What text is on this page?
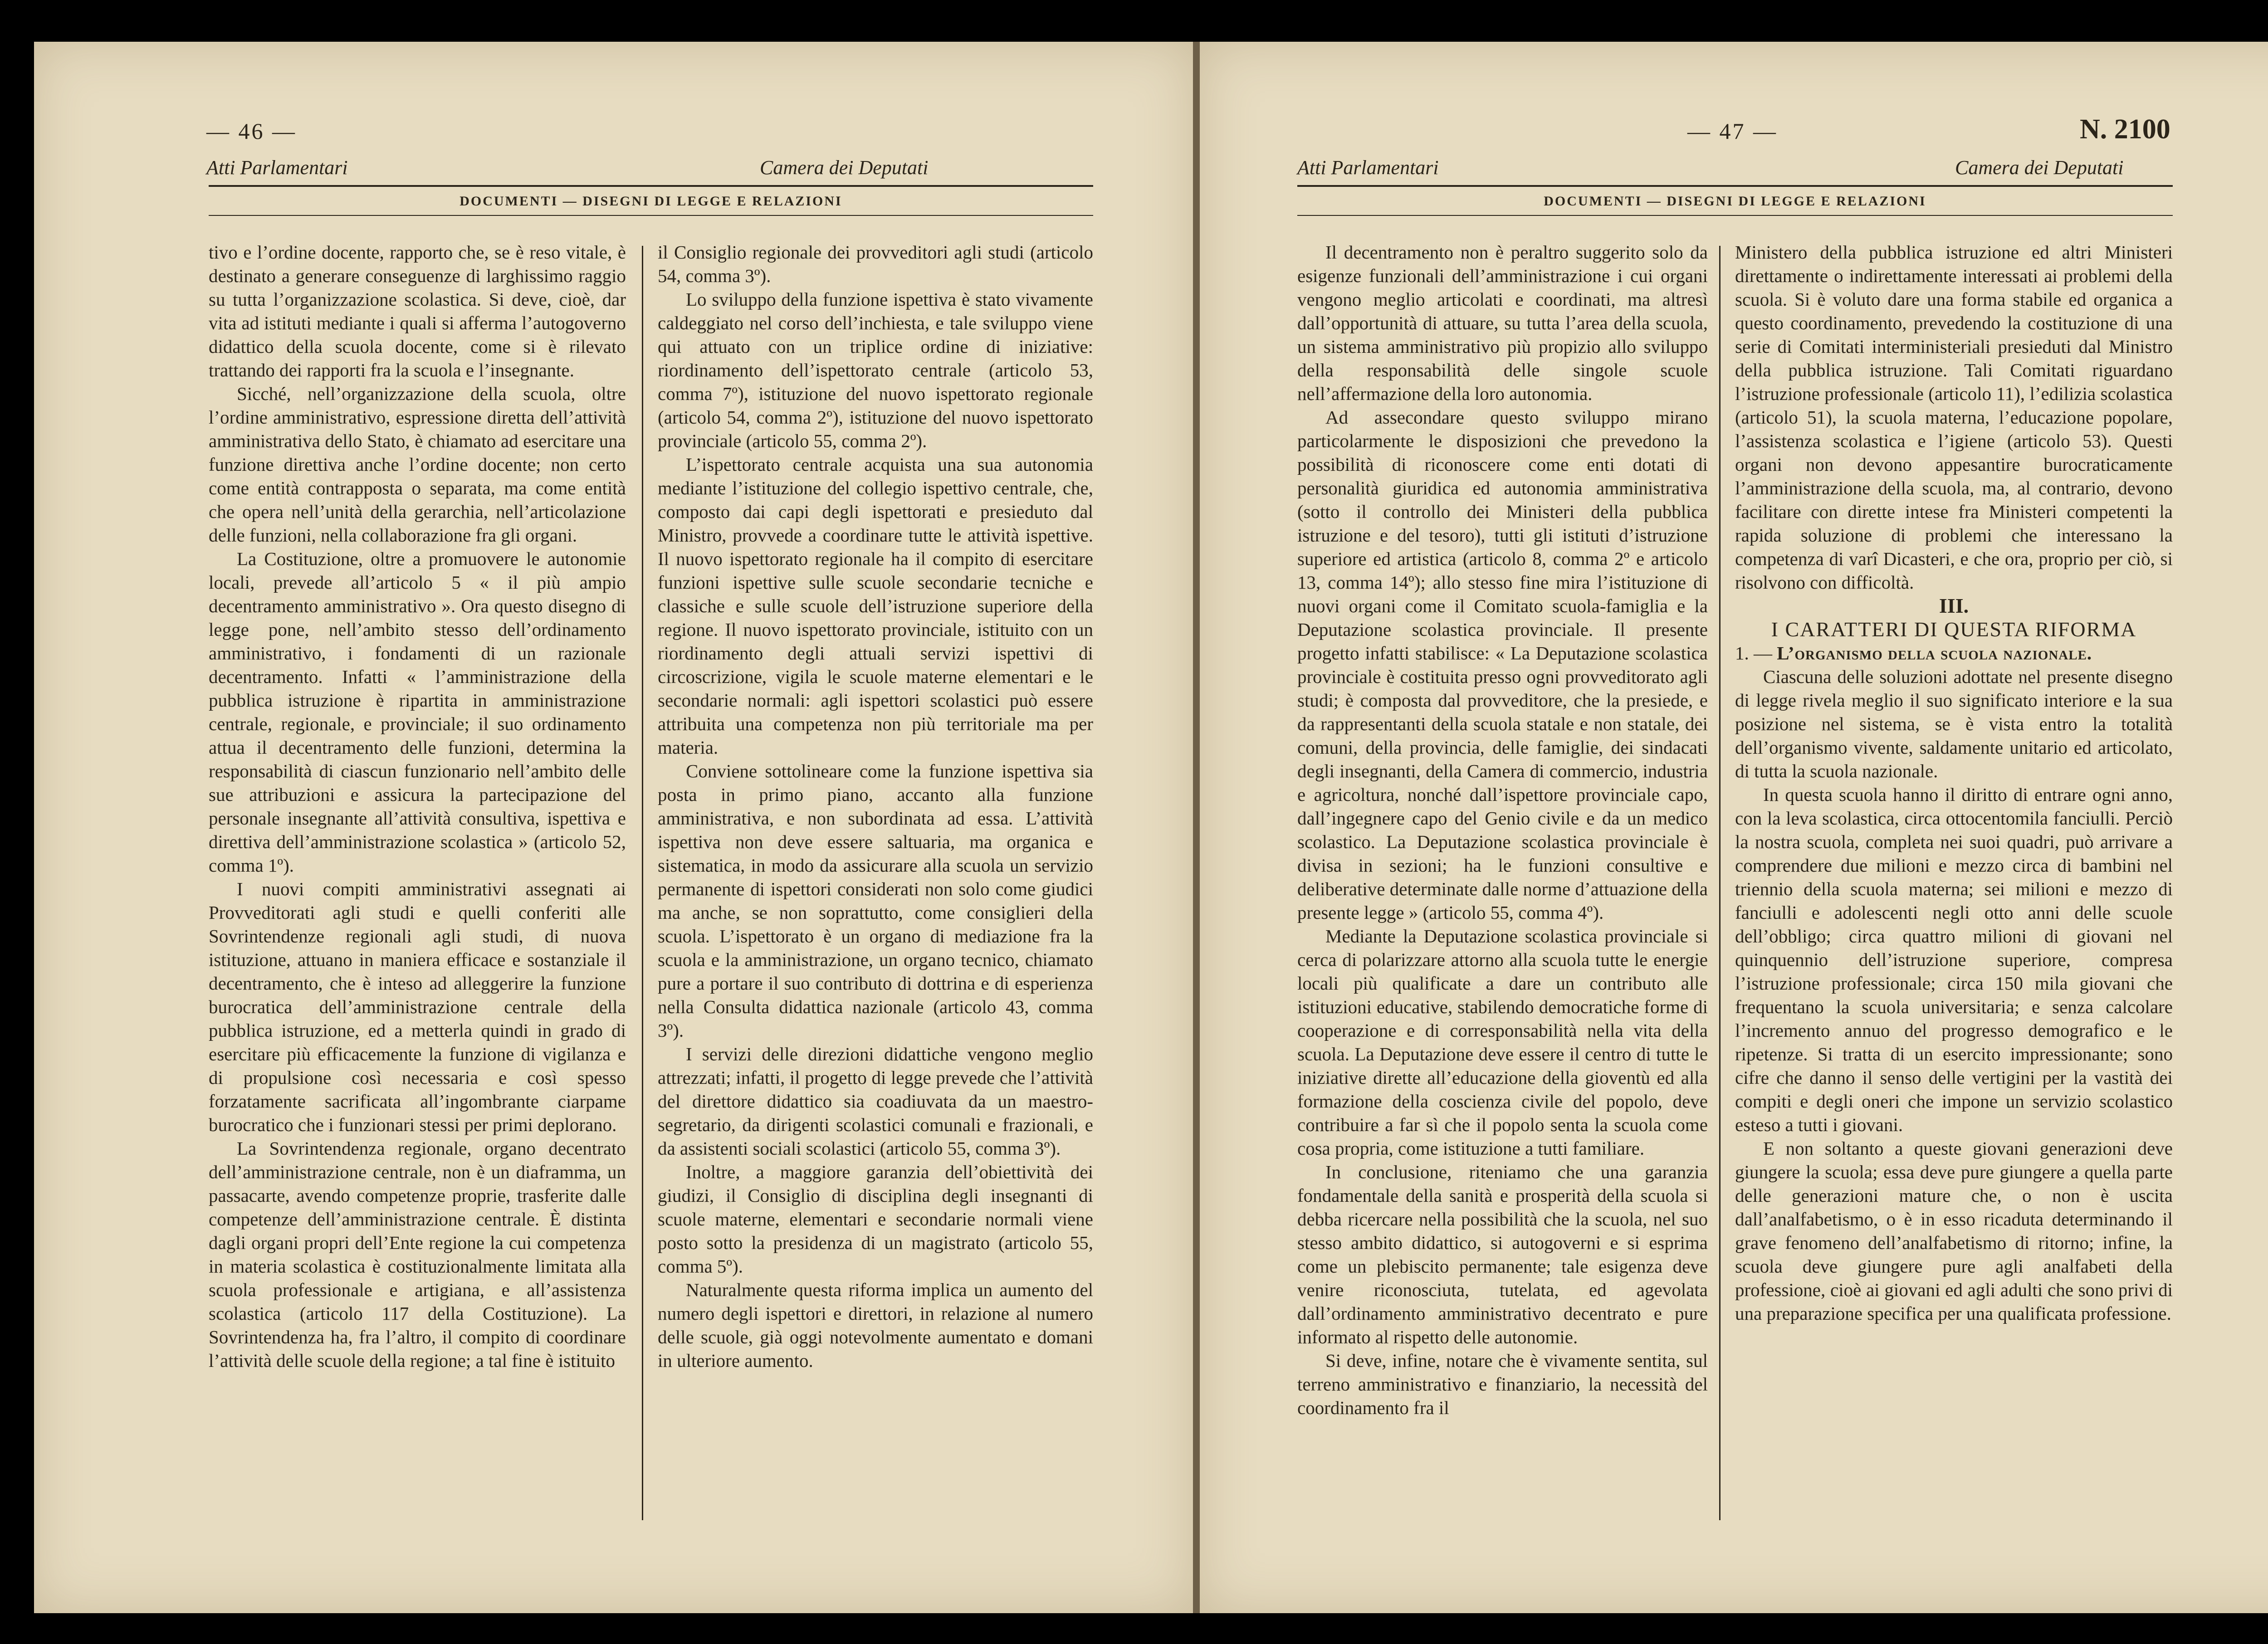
— 46 —
Atti Parlamentari	Camera dei Deputati
DOCUMENTI — DISEGNI DI LEGGE E RELAZIONI

tivo e l’ordine docente, rapporto che, se è reso vitale, è destinato a generare conseguenze di larghissimo raggio su tutta l’organizzazione scolastica. Si deve, cioè, dar vita ad istituti mediante i quali si afferma l’autogoverno didattico della scuola docente, come si è rilevato trattando dei rapporti fra la scuola e l’insegnante.

Sicché, nell’organizzazione della scuola, oltre l’ordine amministrativo, espressione diretta dell’attività amministrativa dello Stato, è chiamato ad esercitare una funzione direttiva anche l’ordine docente; non certo come entità contrapposta o separata, ma come entità che opera nell’unità della gerarchia, nell’articolazione delle funzioni, nella collaborazione fra gli organi.

La Costituzione, oltre a promuovere le autonomie locali, prevede all’articolo 5 « il più ampio decentramento amministrativo ». Ora questo disegno di legge pone, nell’ambito stesso dell’ordinamento amministrativo, i fondamenti di un razionale decentramento. Infatti « l’amministrazione della pubblica istruzione è ripartita in amministrazione centrale, regionale, e provinciale; il suo ordinamento attua il decentramento delle funzioni, determina la responsabilità di ciascun funzionario nell’ambito delle sue attribuzioni e assicura la partecipazione del personale insegnante all’attività consultiva, ispettiva e direttiva dell’amministrazione scolastica » (articolo 52, comma 1º).

I nuovi compiti amministrativi assegnati ai Provveditorati agli studi e quelli conferiti alle Sovrintendenze regionali agli studi, di nuova istituzione, attuano in maniera efficace e sostanziale il decentramento, che è inteso ad alleggerire la funzione burocratica dell’amministrazione centrale della pubblica istruzione, ed a metterla quindi in grado di esercitare più efficacemente la funzione di vigilanza e di propulsione così necessaria e così spesso forzatamente sacrificata all’ingombrante ciarpame burocratico che i funzionari stessi per primi deplorano.

La Sovrintendenza regionale, organo decentrato dell’amministrazione centrale, non è un diaframma, un passacarte, avendo competenze proprie, trasferite dalle competenze dell’amministrazione centrale. È distinta dagli organi propri dell’Ente regione la cui competenza in materia scolastica è costituzionalmente limitata alla scuola professionale e artigiana, e all’assistenza scolastica (articolo 117 della Costituzione). La Sovrintendenza ha, fra l’altro, il compito di coordinare l’attività delle scuole della regione; a tal fine è istituito

il Consiglio regionale dei provveditori agli studi (articolo 54, comma 3º).

Lo sviluppo della funzione ispettiva è stato vivamente caldeggiato nel corso dell’inchiesta, e tale sviluppo viene qui attuato con un triplice ordine di iniziative: riordinamento dell’ispettorato centrale (articolo 53, comma 7º), istituzione del nuovo ispettorato regionale (articolo 54, comma 2º), istituzione del nuovo ispettorato provinciale (articolo 55, comma 2º).

L’ispettorato centrale acquista una sua autonomia mediante l’istituzione del collegio ispettivo centrale, che, composto dai capi degli ispettorati e presieduto dal Ministro, provvede a coordinare tutte le attività ispettive. Il nuovo ispettorato regionale ha il compito di esercitare funzioni ispettive sulle scuole secondarie tecniche e classiche e sulle scuole dell’istruzione superiore della regione. Il nuovo ispettorato provinciale, istituito con un riordinamento degli attuali servizi ispettivi di circoscrizione, vigila le scuole materne elementari e le secondarie normali: agli ispettori scolastici può essere attribuita una competenza non più territoriale ma per materia.

Conviene sottolineare come la funzione ispettiva sia posta in primo piano, accanto alla funzione amministrativa, e non subordinata ad essa. L’attività ispettiva non deve essere saltuaria, ma organica e sistematica, in modo da assicurare alla scuola un servizio permanente di ispettori considerati non solo come giudici ma anche, se non soprattutto, come consiglieri della scuola. L’ispettorato è un organo di mediazione fra la scuola e la amministrazione, un organo tecnico, chiamato pure a portare il suo contributo di dottrina e di esperienza nella Consulta didattica nazionale (articolo 43, comma 3º).

I servizi delle direzioni didattiche vengono meglio attrezzati; infatti, il progetto di legge prevede che l’attività del direttore didattico sia coadiuvata da un maestro-segretario, da dirigenti scolastici comunali e frazionali, e da assistenti sociali scolastici (articolo 55, comma 3º).

Inoltre, a maggiore garanzia dell’obiettività dei giudizi, il Consiglio di disciplina degli insegnanti di scuole materne, elementari e secondarie normali viene posto sotto la presidenza di un magistrato (articolo 55, comma 5º).

Naturalmente questa riforma implica un aumento del numero degli ispettori e direttori, in relazione al numero delle scuole, già oggi notevolmente aumentato e domani in ulteriore aumento.

— 47 —	N. 2100
Atti Parlamentari	Camera dei Deputati
DOCUMENTI — DISEGNI DI LEGGE E RELAZIONI

Il decentramento non è peraltro suggerito solo da esigenze funzionali dell’amministrazione i cui organi vengono meglio articolati e coordinati, ma altresì dall’opportunità di attuare, su tutta l’area della scuola, un sistema amministrativo più propizio allo sviluppo della responsabilità delle singole scuole nell’affermazione della loro autonomia.

Ad assecondare questo sviluppo mirano particolarmente le disposizioni che prevedono la possibilità di riconoscere come enti dotati di personalità giuridica ed autonomia amministrativa (sotto il controllo dei Ministeri della pubblica istruzione e del tesoro), tutti gli istituti d’istruzione superiore ed artistica (articolo 8, comma 2º e articolo 13, comma 14º); allo stesso fine mira l’istituzione di nuovi organi come il Comitato scuola-famiglia e la Deputazione scolastica provinciale. Il presente progetto infatti stabilisce: « La Deputazione scolastica provinciale è costituita presso ogni provveditorato agli studi; è composta dal provveditore, che la presiede, e da rappresentanti della scuola statale e non statale, dei comuni, della provincia, delle famiglie, dei sindacati degli insegnanti, della Camera di commercio, industria e agricoltura, nonché dall’ispettore provinciale capo, dall’ingegnere capo del Genio civile e da un medico scolastico. La Deputazione scolastica provinciale è divisa in sezioni; ha le funzioni consultive e deliberative determinate dalle norme d’attuazione della presente legge » (articolo 55, comma 4º).

Mediante la Deputazione scolastica provinciale si cerca di polarizzare attorno alla scuola tutte le energie locali più qualificate a dare un contributo alle istituzioni educative, stabilendo democratiche forme di cooperazione e di corresponsabilità nella vita della scuola. La Deputazione deve essere il centro di tutte le iniziative dirette all’educazione della gioventù ed alla formazione della coscienza civile del popolo, deve contribuire a far sì che il popolo senta la scuola come cosa propria, come istituzione a tutti familiare.

In conclusione, riteniamo che una garanzia fondamentale della sanità e prosperità della scuola si debba ricercare nella possibilità che la scuola, nel suo stesso ambito didattico, si autogoverni e si esprima come un plebiscito permanente; tale esigenza deve venire riconosciuta, tutelata, ed agevolata dall’ordinamento amministrativo decentrato e pure informato al rispetto delle autonomie.

Si deve, infine, notare che è vivamente sentita, sul terreno amministrativo e finanziario, la necessità del coordinamento fra il

Ministero della pubblica istruzione ed altri Ministeri direttamente o indirettamente interessati ai problemi della scuola. Si è voluto dare una forma stabile ed organica a questo coordinamento, prevedendo la costituzione di una serie di Comitati interministeriali presieduti dal Ministro della pubblica istruzione. Tali Comitati riguardano l’istruzione professionale (articolo 11), l’edilizia scolastica (articolo 51), la scuola materna, l’educazione popolare, l’assistenza scolastica e l’igiene (articolo 53). Questi organi non devono appesantire burocraticamente l’amministrazione della scuola, ma, al contrario, devono facilitare con dirette intese fra Ministeri competenti la rapida soluzione di problemi che interessano la competenza di varî Dicasteri, e che ora, proprio per ciò, si risolvono con difficoltà.

III.

I CARATTERI DI QUESTA RIFORMA

1. — L’organismo della scuola nazionale.

Ciascuna delle soluzioni adottate nel presente disegno di legge rivela meglio il suo significato interiore e la sua posizione nel sistema, se è vista entro la totalità dell’organismo vivente, saldamente unitario ed articolato, di tutta la scuola nazionale.

In questa scuola hanno il diritto di entrare ogni anno, con la leva scolastica, circa ottocentomila fanciulli. Perciò la nostra scuola, completa nei suoi quadri, può arrivare a comprendere due milioni e mezzo circa di bambini nel triennio della scuola materna; sei milioni e mezzo di fanciulli e adolescenti negli otto anni delle scuole dell’obbligo; circa quattro milioni di giovani nel quinquennio dell’istruzione superiore, compresa l’istruzione professionale; circa 150 mila giovani che frequentano la scuola universitaria; e senza calcolare l’incremento annuo del progresso demografico e le ripetenze. Si tratta di un esercito impressionante; sono cifre che danno il senso delle vertigini per la vastità dei compiti e degli oneri che impone un servizio scolastico esteso a tutti i giovani.

E non soltanto a queste giovani generazioni deve giungere la scuola; essa deve pure giungere a quella parte delle generazioni mature che, o non è uscita dall’analfabetismo, o è in esso ricaduta determinando il grave fenomeno dell’analfabetismo di ritorno; infine, la scuola deve giungere pure agli analfabeti della professione, cioè ai giovani ed agli adulti che sono privi di una preparazione specifica per una qualificata professione.
